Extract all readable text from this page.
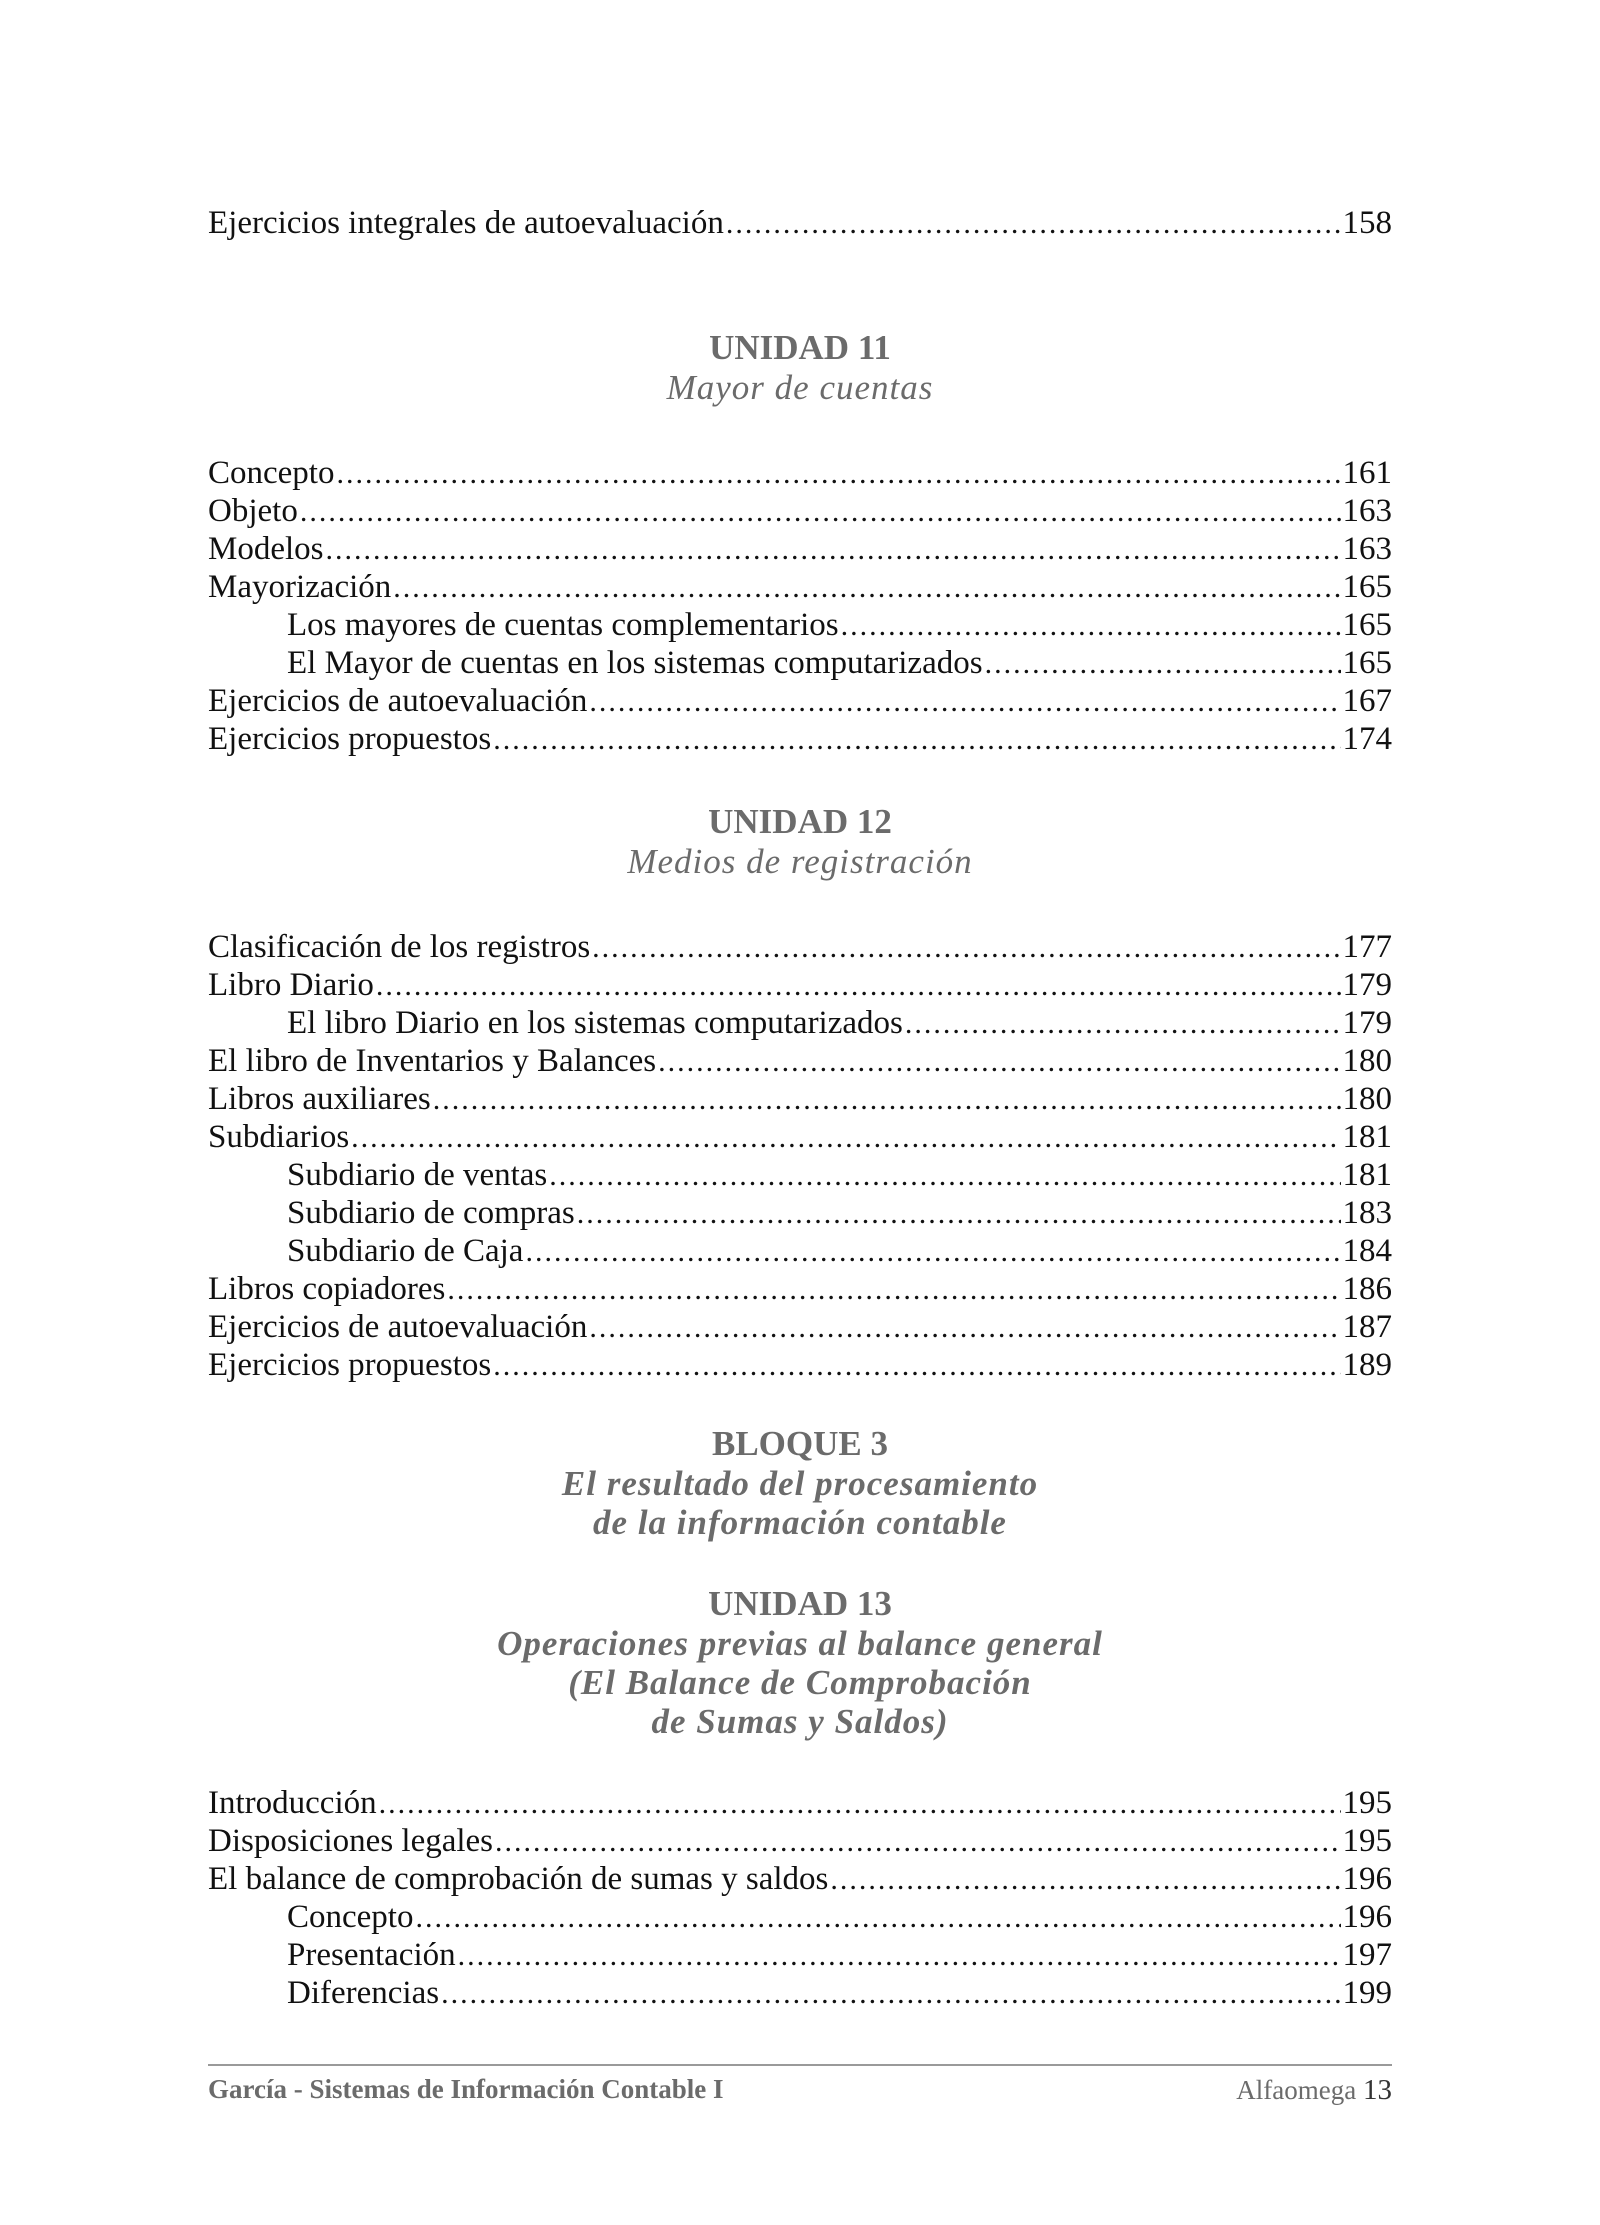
Ejercicios integrales de autoevaluación .....	158
UNIDAD 11
Mayor de cuentas
Concepto .....	161
Objeto .....	163
Modelos .....	163
Mayorización .....	165
Los mayores de cuentas complementarios .....	165
El Mayor de cuentas en los sistemas computarizados .....	165
Ejercicios de autoevaluación .....	167
Ejercicios propuestos .....	174
UNIDAD 12
Medios de registración
Clasificación de los registros .....	177
Libro Diario .....	179
El libro Diario en los sistemas computarizados .....	179
El libro de Inventarios y Balances .....	180
Libros auxiliares .....	180
Subdiarios .....	181
Subdiario de ventas .....	181
Subdiario de compras .....	183
Subdiario de Caja .....	184
Libros copiadores .....	186
Ejercicios de autoevaluación .....	187
Ejercicios propuestos .....	189
BLOQUE 3
El resultado del procesamiento
de la información contable
UNIDAD 13
Operaciones previas al balance general
(El Balance de Comprobación
de Sumas y Saldos)
Introducción .....	195
Disposiciones legales .....	195
El balance de comprobación de sumas y saldos .....	196
Concepto .....	196
Presentación .....	197
Diferencias .....	199
García - Sistemas de Información Contable I	Alfaomega 13
